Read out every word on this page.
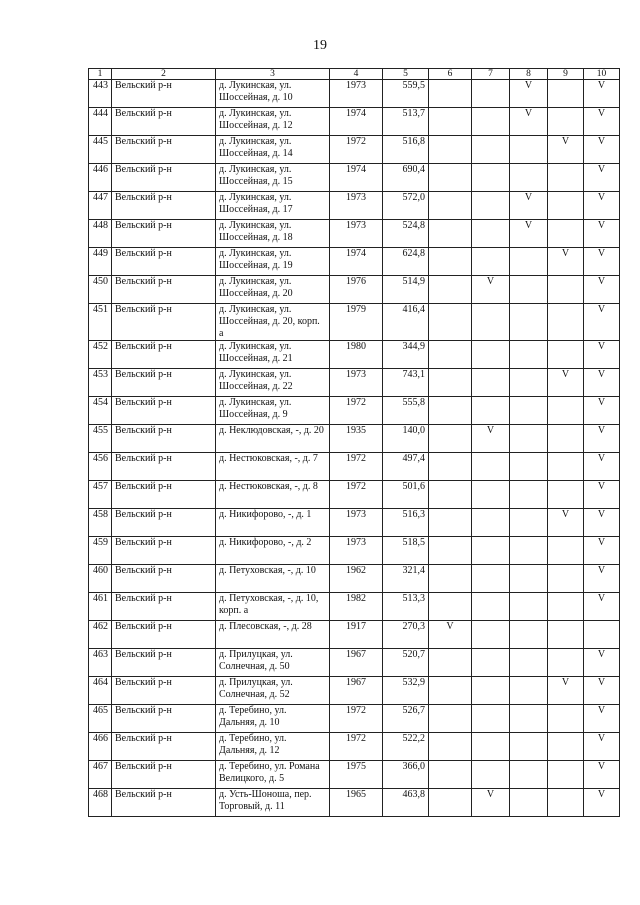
19
1	2	3	4	5	6	7	8	9	10
443	Вельский р-н	д. Лукинская, ул. Шоссейная, д. 10	1973	559,5			V		V
444	Вельский р-н	д. Лукинская, ул. Шоссейная, д. 12	1974	513,7			V		V
445	Вельский р-н	д. Лукинская, ул. Шоссейная, д. 14	1972	516,8				V	V
446	Вельский р-н	д. Лукинская, ул. Шоссейная, д. 15	1974	690,4					V
447	Вельский р-н	д. Лукинская, ул. Шоссейная, д. 17	1973	572,0			V		V
448	Вельский р-н	д. Лукинская, ул. Шоссейная, д. 18	1973	524,8			V		V
449	Вельский р-н	д. Лукинская, ул. Шоссейная, д. 19	1974	624,8				V	V
450	Вельский р-н	д. Лукинская, ул. Шоссейная, д. 20	1976	514,9		V			V
451	Вельский р-н	д. Лукинская, ул. Шоссейная, д. 20, корп. а	1979	416,4					V
452	Вельский р-н	д. Лукинская, ул. Шоссейная, д. 21	1980	344,9					V
453	Вельский р-н	д. Лукинская, ул. Шоссейная, д. 22	1973	743,1				V	V
454	Вельский р-н	д. Лукинская, ул. Шоссейная, д. 9	1972	555,8					V
455	Вельский р-н	д. Неклюдовская, -, д. 20	1935	140,0		V			V
456	Вельский р-н	д. Нестюковская, -, д. 7	1972	497,4					V
457	Вельский р-н	д. Нестюковская, -, д. 8	1972	501,6					V
458	Вельский р-н	д. Никифорово, -, д. 1	1973	516,3				V	V
459	Вельский р-н	д. Никифорово, -, д. 2	1973	518,5					V
460	Вельский р-н	д. Петуховская, -, д. 10	1962	321,4					V
461	Вельский р-н	д. Петуховская, -, д. 10, корп. а	1982	513,3					V
462	Вельский р-н	д. Плесовская, -, д. 28	1917	270,3	V				
463	Вельский р-н	д. Прилуцкая, ул. Солнечная, д. 50	1967	520,7					V
464	Вельский р-н	д. Прилуцкая, ул. Солнечная, д. 52	1967	532,9				V	V
465	Вельский р-н	д. Теребино, ул. Дальняя, д. 10	1972	526,7					V
466	Вельский р-н	д. Теребино, ул. Дальняя, д. 12	1972	522,2					V
467	Вельский р-н	д. Теребино, ул. Романа Велицкого, д. 5	1975	366,0					V
468	Вельский р-н	д. Усть-Шоноша, пер. Торговый, д. 11	1965	463,8		V			V
